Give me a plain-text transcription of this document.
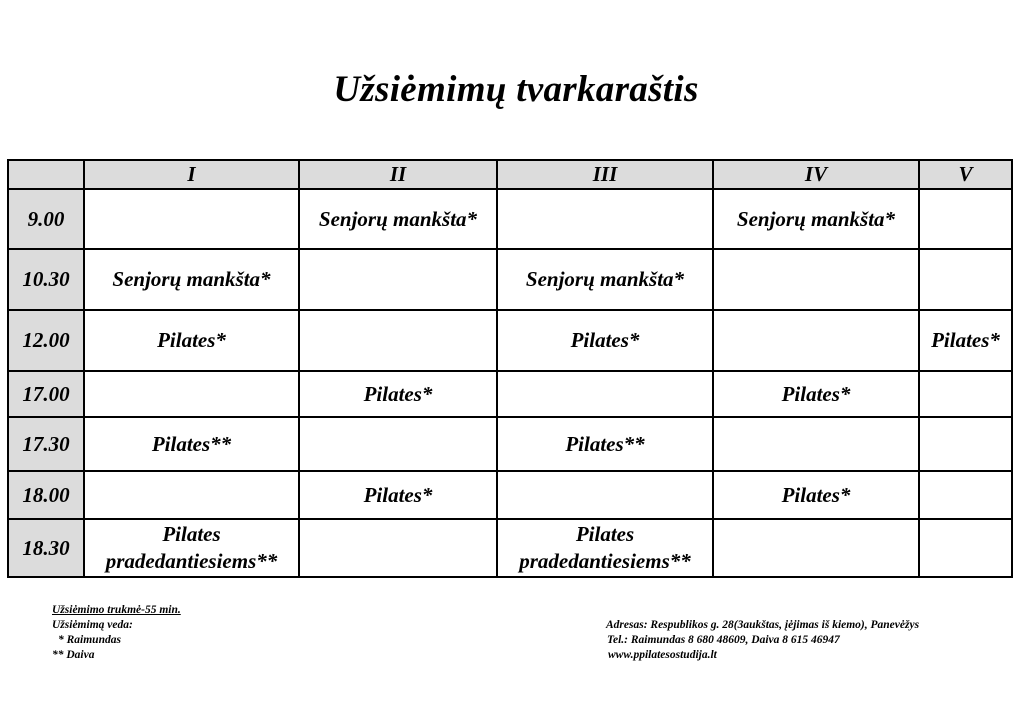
Užsiėmimų tvarkaraštis
	I	II	III	IV	V
9.00		Senjorų mankšta*		Senjorų mankšta*	
10.30	Senjorų mankšta*		Senjorų mankšta*		
12.00	Pilates*		Pilates*		Pilates*
17.00		Pilates*		Pilates*	
17.30	Pilates**		Pilates**		
18.00		Pilates*		Pilates*	
18.30	Pilates pradedantiesiems**		Pilates pradedantiesiems**		
Užsiėmimo trukmė-55 min.
Užsiėmimą veda:
* Raimundas
** Daiva
Adresas: Respublikos g. 28(3aukštas, įėjimas iš kiemo), Panevėžys
Tel.: Raimundas 8 680 48609, Daiva 8 615 46947
www.ppilatesostudija.lt
